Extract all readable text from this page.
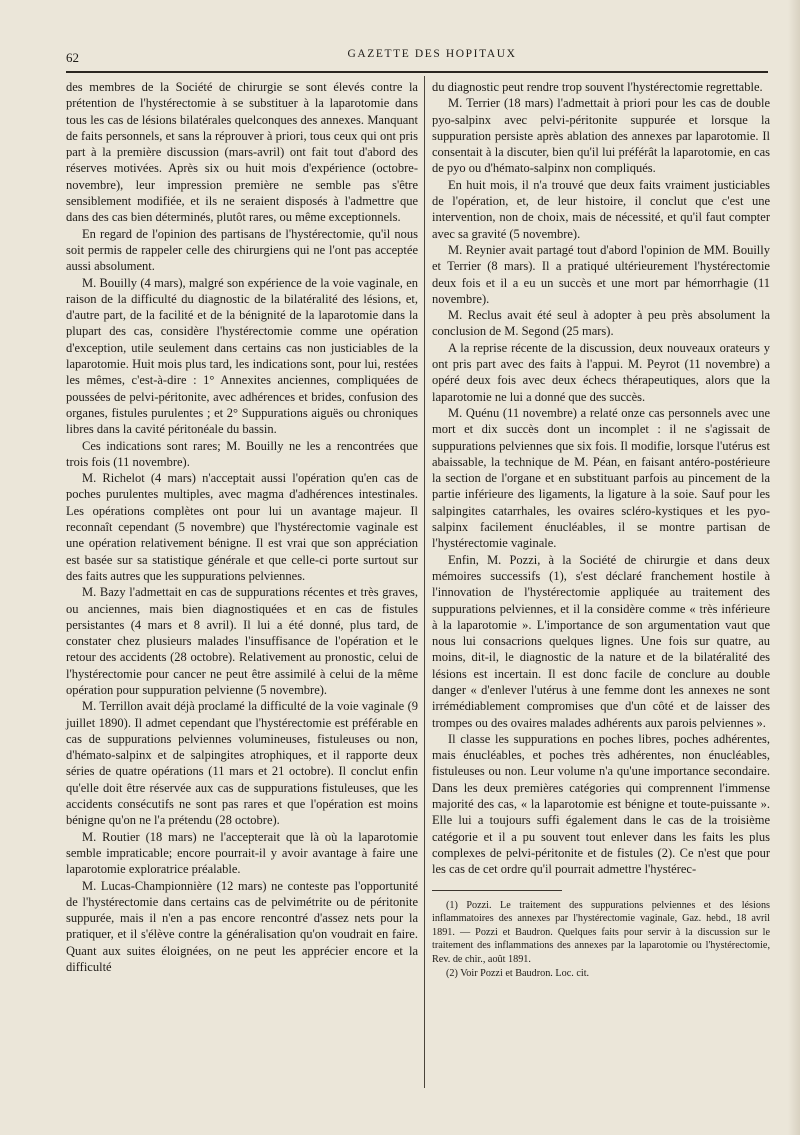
62	GAZETTE DES HOPITAUX

des membres de la Société de chirurgie se sont élevés contre la prétention de l'hystérectomie à se substituer à la laparotomie dans tous les cas de lésions bilatérales quelconques des annexes. Manquant de faits personnels, et sans la réprouver à priori, tous ceux qui ont pris part à la première discussion (mars-avril) ont fait tout d'abord des réserves motivées. Après six ou huit mois d'expérience (octobre-novembre), leur impression première ne semble pas s'être sensiblement modifiée, et ils ne seraient disposés à l'admettre que dans des cas bien déterminés, plutôt rares, ou même exceptionnels.

En regard de l'opinion des partisans de l'hystérectomie, qu'il nous soit permis de rappeler celle des chirurgiens qui ne l'ont pas acceptée aussi absolument.

M. Bouilly (4 mars), malgré son expérience de la voie vaginale, en raison de la difficulté du diagnostic de la bilatéralité des lésions, et, d'autre part, de la facilité et de la bénignité de la laparotomie dans la plupart des cas, considère l'hystérectomie comme une opération d'exception, utile seulement dans certains cas non justiciables de la laparotomie. Huit mois plus tard, les indications sont, pour lui, restées les mêmes, c'est-à-dire : 1° Annexites anciennes, compliquées de poussées de pelvi-péritonite, avec adhérences et brides, confusion des organes, fistules purulentes ; et 2° Suppurations aiguës ou chroniques libres dans la cavité péritonéale du bassin.

Ces indications sont rares; M. Bouilly ne les a rencontrées que trois fois (11 novembre).

M. Richelot (4 mars) n'acceptait aussi l'opération qu'en cas de poches purulentes multiples, avec magma d'adhérences intestinales. Les opérations complètes ont pour lui un avantage majeur. Il reconnaît cependant (5 novembre) que l'hystérectomie vaginale est une opération relativement bénigne. Il est vrai que son appréciation est basée sur sa statistique générale et que celle-ci porte surtout sur des faits autres que les suppurations pelviennes.

M. Bazy l'admettait en cas de suppurations récentes et très graves, ou anciennes, mais bien diagnostiquées et en cas de fistules persistantes (4 mars et 8 avril). Il lui a été donné, plus tard, de constater chez plusieurs malades l'insuffisance de l'opération et le retour des accidents (28 octobre). Relativement au pronostic, celui de l'hystérectomie pour cancer ne peut être assimilé à celui de la même opération pour suppuration pelvienne (5 novembre).

M. Terrillon avait déjà proclamé la difficulté de la voie vaginale (9 juillet 1890). Il admet cependant que l'hystérectomie est préférable en cas de suppurations pelviennes volumineuses, fistuleuses ou non, d'hémato-salpinx et de salpingites atrophiques, et il rapporte deux séries de quatre opérations (11 mars et 21 octobre). Il conclut enfin qu'elle doit être réservée aux cas de suppurations fistuleuses, que les accidents consécutifs ne sont pas rares et que l'opération est moins bénigne qu'on ne l'a prétendu (28 octobre).

M. Routier (18 mars) ne l'accepterait que là où la laparotomie semble impraticable; encore pourrait-il y avoir avantage à faire une laparotomie exploratrice préalable.

M. Lucas-Championnière (12 mars) ne conteste pas l'opportunité de l'hystérectomie dans certains cas de pelvimétrite ou de péritonite suppurée, mais il n'en a pas encore rencontré d'assez nets pour la pratiquer, et il s'élève contre la généralisation qu'on voudrait en faire. Quant aux suites éloignées, on ne peut les apprécier encore et la difficulté

du diagnostic peut rendre trop souvent l'hystérectomie regrettable.

M. Terrier (18 mars) l'admettait à priori pour les cas de double pyo-salpinx avec pelvi-péritonite suppurée et lorsque la suppuration persiste après ablation des annexes par laparotomie. Il consentait à la discuter, bien qu'il lui préférât la laparotomie, en cas de pyo ou d'hémato-salpinx non compliqués.

En huit mois, il n'a trouvé que deux faits vraiment justiciables de l'opération, et, de leur histoire, il conclut que c'est une intervention, non de choix, mais de nécessité, et qu'il faut compter avec sa gravité (5 novembre).

M. Reynier avait partagé tout d'abord l'opinion de MM. Bouilly et Terrier (8 mars). Il a pratiqué ultérieurement l'hystérectomie deux fois et il a eu un succès et une mort par hémorrhagie (11 novembre).

M. Reclus avait été seul à adopter à peu près absolument la conclusion de M. Segond (25 mars).

A la reprise récente de la discussion, deux nouveaux orateurs y ont pris part avec des faits à l'appui. M. Peyrot (11 novembre) a opéré deux fois avec deux échecs thérapeutiques, alors que la laparotomie ne lui a donné que des succès.

M. Quénu (11 novembre) a relaté onze cas personnels avec une mort et dix succès dont un incomplet : il ne s'agissait de suppurations pelviennes que six fois. Il modifie, lorsque l'utérus est abaissable, la technique de M. Péan, en faisant antéro-postérieure la section de l'organe et en substituant parfois au pincement de la partie inférieure des ligaments, la ligature à la soie. Sauf pour les salpingites catarrhales, les ovaires scléro-kystiques et les pyo-salpinx facilement énucléables, il se montre partisan de l'hystérectomie vaginale.

Enfin, M. Pozzi, à la Société de chirurgie et dans deux mémoires successifs (1), s'est déclaré franchement hostile à l'innovation de l'hystérectomie appliquée au traitement des suppurations pelviennes, et il la considère comme « très inférieure à la laparotomie ». L'importance de son argumentation vaut que nous lui consacrions quelques lignes. Une fois sur quatre, au moins, dit-il, le diagnostic de la nature et de la bilatéralité des lésions est incertain. Il est donc facile de conclure au double danger « d'enlever l'utérus à une femme dont les annexes ne sont irrémédiablement compromises que d'un côté et de laisser des trompes ou des ovaires malades adhérents aux parois pelviennes ».

Il classe les suppurations en poches libres, poches adhérentes, mais énucléables, et poches très adhérentes, non énucléables, fistuleuses ou non. Leur volume n'a qu'une importance secondaire. Dans les deux premières catégories qui comprennent l'immense majorité des cas, « la laparotomie est bénigne et toute-puissante ». Elle lui a toujours suffi également dans le cas de la troisième catégorie et il a pu souvent tout enlever dans les faits les plus complexes de pelvi-péritonite et de fistules (2). Ce n'est que pour les cas de cet ordre qu'il pourrait admettre l'hystérec-

(1) Pozzi. Le traitement des suppurations pelviennes et des lésions inflammatoires des annexes par l'hystérectomie vaginale, Gaz. hebd., 18 avril 1891. — Pozzi et Baudron. Quelques faits pour servir à la discussion sur le traitement des inflammations des annexes par la laparotomie ou l'hystérectomie, Rev. de chir., août 1891.

(2) Voir Pozzi et Baudron. Loc. cit.
